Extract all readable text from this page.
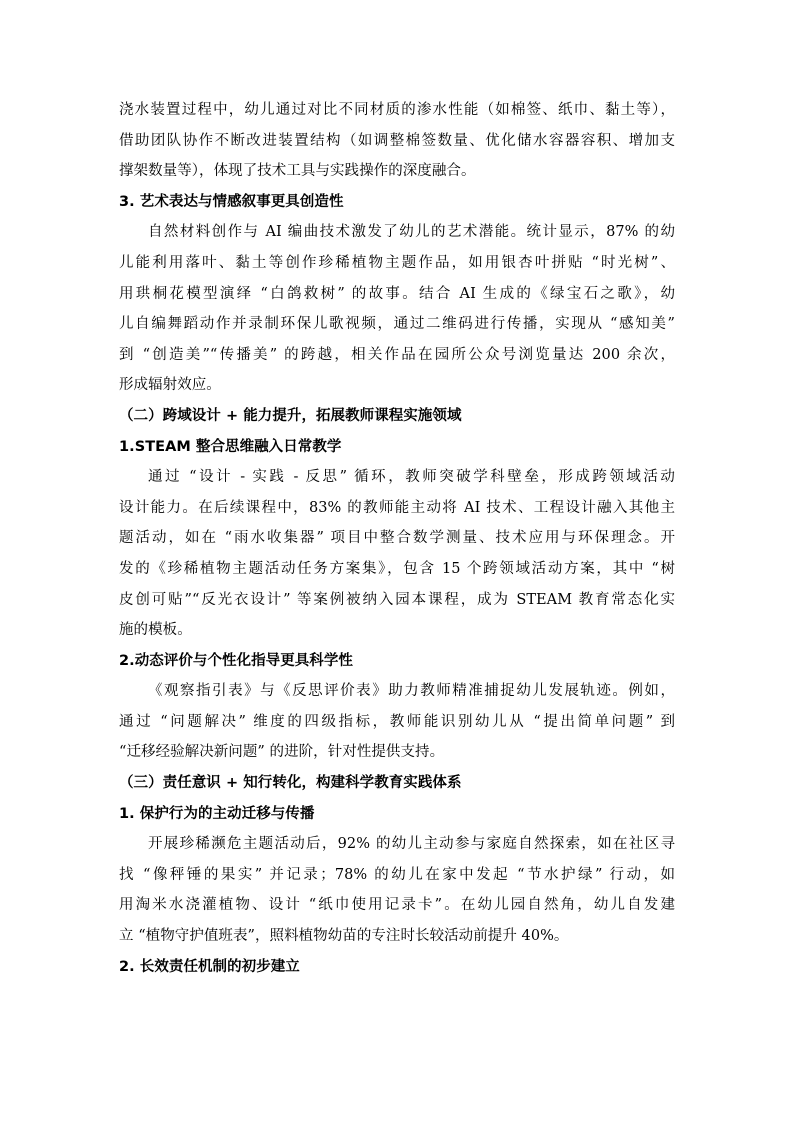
浇水装置过程中，幼儿通过对比不同材质的渗水性能（如棉签、纸巾、黏土等），
借助团队协作不断改进装置结构（如调整棉签数量、优化储水容器容积、增加支
撑架数量等），体现了技术工具与实践操作的深度融合。
3. 艺术表达与情感叙事更具创造性
自然材料创作与 AI 编曲技术激发了幼儿的艺术潜能。统计显示，87% 的幼
儿能利用落叶、黏土等创作珍稀植物主题作品，如用银杏叶拼贴 “时光树”、
用珙桐花模型演绎 “白鸽救树” 的故事。结合 AI 生成的《绿宝石之歌》，幼
儿自编舞蹈动作并录制环保儿歌视频，通过二维码进行传播，实现从 “感知美”
到 “创造美”“传播美” 的跨越，相关作品在园所公众号浏览量达 200 余次，
形成辐射效应。
（二）跨域设计 + 能力提升，拓展教师课程实施领域
1.STEAM 整合思维融入日常教学
通过 “设计 - 实践 - 反思” 循环，教师突破学科壁垒，形成跨领域活动
设计能力。在后续课程中，83% 的教师能主动将 AI 技术、工程设计融入其他主
题活动，如在 “雨水收集器” 项目中整合数学测量、技术应用与环保理念。开
发的《珍稀植物主题活动任务方案集》，包含 15 个跨领域活动方案，其中 “树
皮创可贴”“反光衣设计” 等案例被纳入园本课程，成为 STEAM 教育常态化实
施的模板。
2.动态评价与个性化指导更具科学性
《观察指引表》与《反思评价表》助力教师精准捕捉幼儿发展轨迹。例如，
通过 “问题解决” 维度的四级指标，教师能识别幼儿从 “提出简单问题” 到
“迁移经验解决新问题” 的进阶，针对性提供支持。
（三）责任意识 + 知行转化，构建科学教育实践体系
1. 保护行为的主动迁移与传播
开展珍稀濒危主题活动后，92% 的幼儿主动参与家庭自然探索，如在社区寻
找 “像秤锤的果实” 并记录；78% 的幼儿在家中发起 “节水护绿” 行动，如
用淘米水浇灌植物、设计 “纸巾使用记录卡”。在幼儿园自然角，幼儿自发建
立 “植物守护值班表”，照料植物幼苗的专注时长较活动前提升 40%。
2. 长效责任机制的初步建立
